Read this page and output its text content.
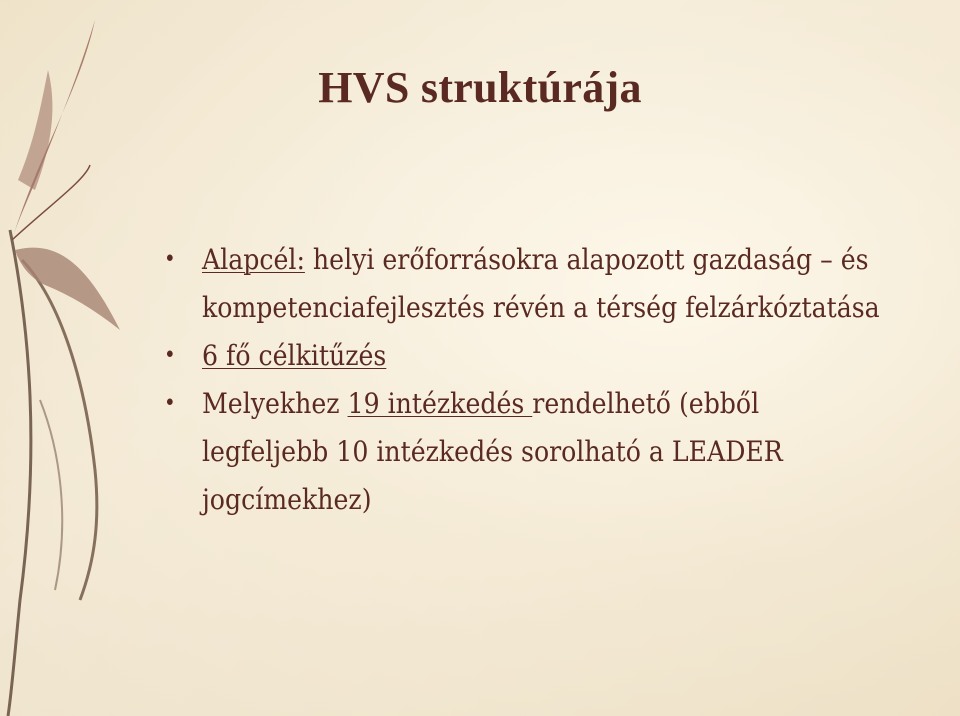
HVS struktúrája
• Alapcél: helyi erőforrásokra alapozott gazdaság – és kompetenciafejlesztés révén a térség felzárkóztatása
• 6 fő célkitűzés
• Melyekhez 19 intézkedés rendelhető (ebből legfeljebb 10 intézkedés sorolható a LEADER jogcímekhez)
